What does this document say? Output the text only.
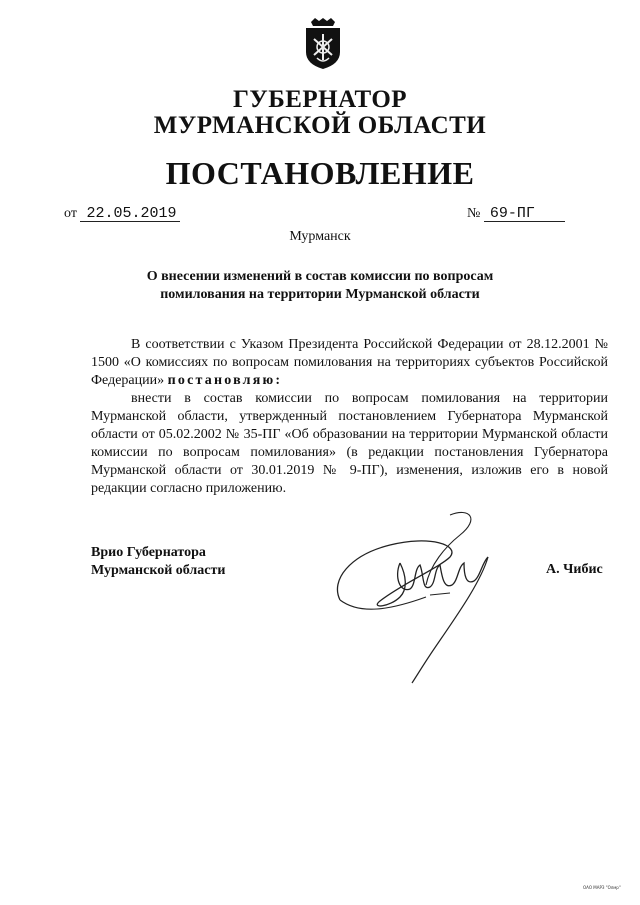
ГУБЕРНАТОР
МУРМАНСКОЙ ОБЛАСТИ
ПОСТАНОВЛЕНИЕ
от 22.05.2019	№ 69-ПГ
Мурманск
О внесении изменений в состав комиссии по вопросам
помилования на территории Мурманской области

В соответствии с Указом Президента Российской Федерации от 28.12.2001 № 1500 «О комиссиях по вопросам помилования на территориях субъектов Российской Федерации» постановляю:

внести в состав комиссии по вопросам помилования на территории Мурманской области, утвержденный постановлением Губернатора Мурманской области от 05.02.2002 № 35-ПГ «Об образовании на территории Мурманской области комиссии по вопросам помилования» (в редакции постановления Губернатора Мурманской области от 30.01.2019 № 9-ПГ), изменения, изложив его в новой редакции согласно приложению.

Врио Губернатора
Мурманской области	А. Чибис
ОАО МАРЗ "Олмр"
